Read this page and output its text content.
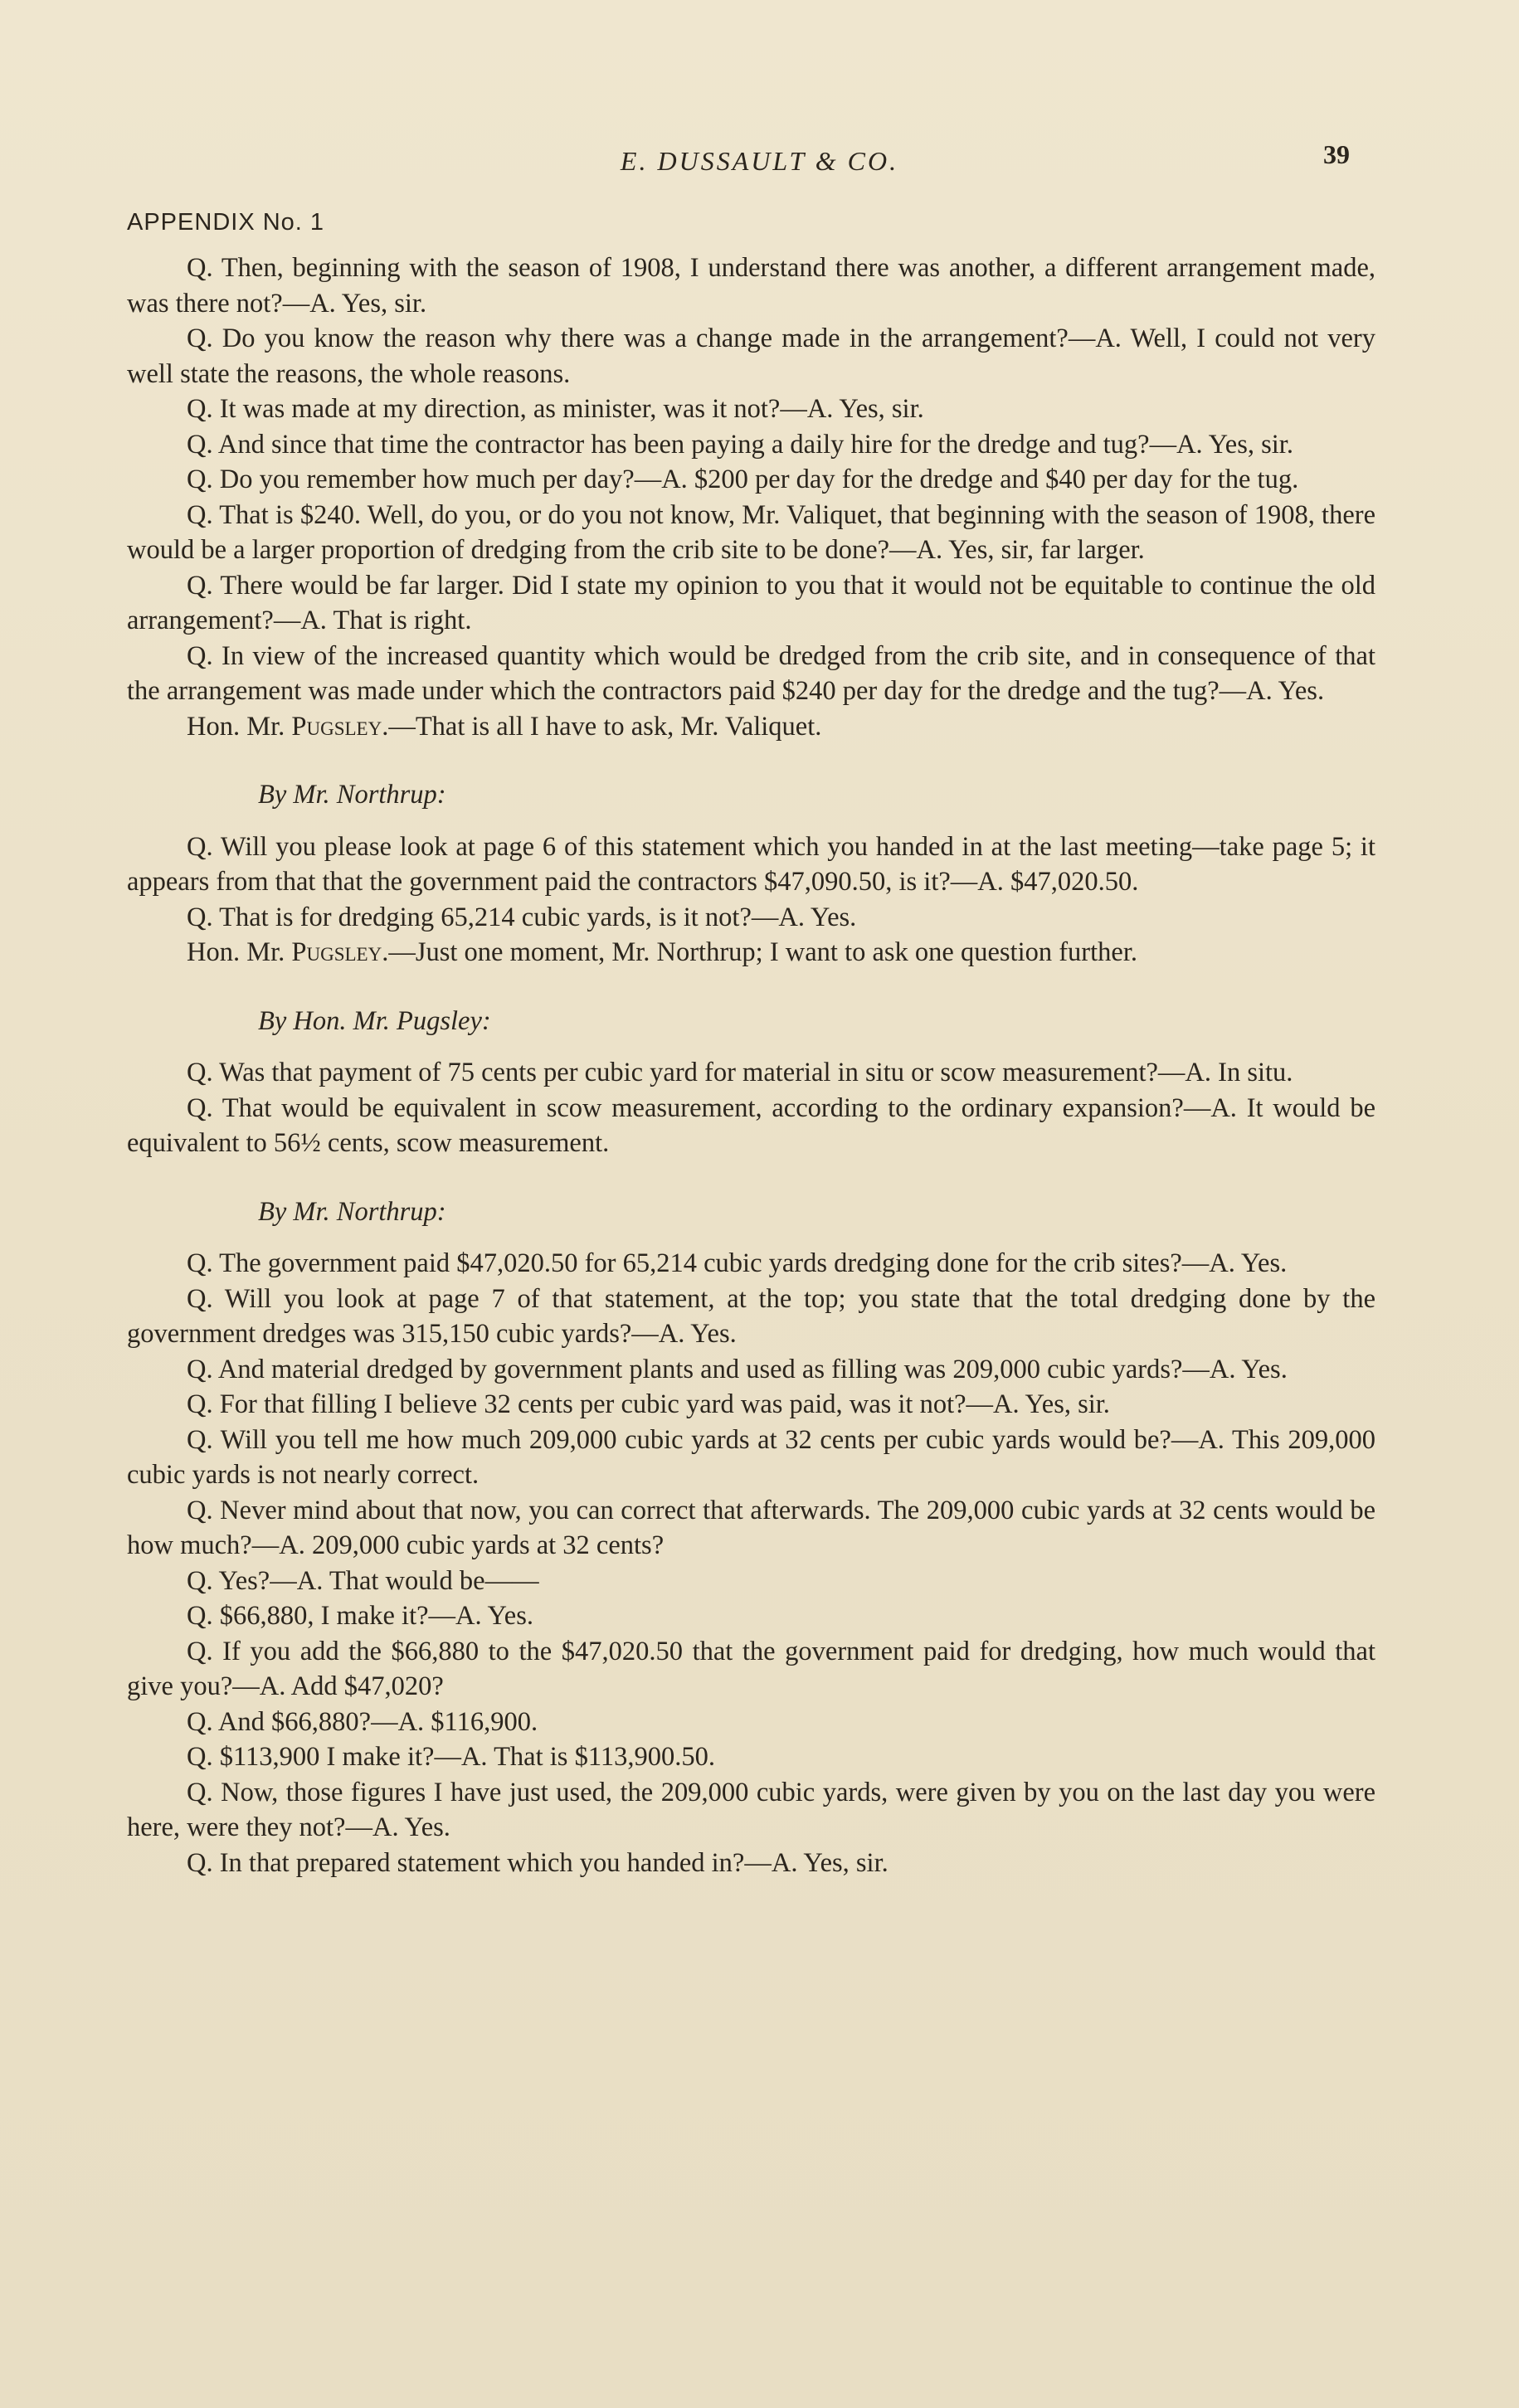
E. DUSSAULT & CO.	39
APPENDIX No. 1

Q. Then, beginning with the season of 1908, I understand there was another, a different arrangement made, was there not?—A. Yes, sir.

Q. Do you know the reason why there was a change made in the arrangement?—A. Well, I could not very well state the reasons, the whole reasons.

Q. It was made at my direction, as minister, was it not?—A. Yes, sir.

Q. And since that time the contractor has been paying a daily hire for the dredge and tug?—A. Yes, sir.

Q. Do you remember how much per day?—A. $200 per day for the dredge and $40 per day for the tug.

Q. That is $240. Well, do you, or do you not know, Mr. Valiquet, that beginning with the season of 1908, there would be a larger proportion of dredging from the crib site to be done?—A. Yes, sir, far larger.

Q. There would be far larger. Did I state my opinion to you that it would not be equitable to continue the old arrangement?—A. That is right.

Q. In view of the increased quantity which would be dredged from the crib site, and in consequence of that the arrangement was made under which the contractors paid $240 per day for the dredge and the tug?—A. Yes.

Hon. Mr. Pugsley.—That is all I have to ask, Mr. Valiquet.

By Mr. Northrup:

Q. Will you please look at page 6 of this statement which you handed in at the last meeting—take page 5; it appears from that that the government paid the contractors $47,090.50, is it?—A. $47,020.50.

Q. That is for dredging 65,214 cubic yards, is it not?—A. Yes.

Hon. Mr. Pugsley.—Just one moment, Mr. Northrup; I want to ask one question further.

By Hon. Mr. Pugsley:

Q. Was that payment of 75 cents per cubic yard for material in situ or scow measurement?—A. In situ.

Q. That would be equivalent in scow measurement, according to the ordinary expansion?—A. It would be equivalent to 56½ cents, scow measurement.

By Mr. Northrup:

Q. The government paid $47,020.50 for 65,214 cubic yards dredging done for the crib sites?—A. Yes.

Q. Will you look at page 7 of that statement, at the top; you state that the total dredging done by the government dredges was 315,150 cubic yards?—A. Yes.

Q. And material dredged by government plants and used as filling was 209,000 cubic yards?—A. Yes.

Q. For that filling I believe 32 cents per cubic yard was paid, was it not?—A. Yes, sir.

Q. Will you tell me how much 209,000 cubic yards at 32 cents per cubic yards would be?—A. This 209,000 cubic yards is not nearly correct.

Q. Never mind about that now, you can correct that afterwards. The 209,000 cubic yards at 32 cents would be how much?—A. 209,000 cubic yards at 32 cents?

Q. Yes?—A. That would be——

Q. $66,880, I make it?—A. Yes.

Q. If you add the $66,880 to the $47,020.50 that the government paid for dredging, how much would that give you?—A. Add $47,020?

Q. And $66,880?—A. $116,900.

Q. $113,900 I make it?—A. That is $113,900.50.

Q. Now, those figures I have just used, the 209,000 cubic yards, were given by you on the last day you were here, were they not?—A. Yes.

Q. In that prepared statement which you handed in?—A. Yes, sir.
